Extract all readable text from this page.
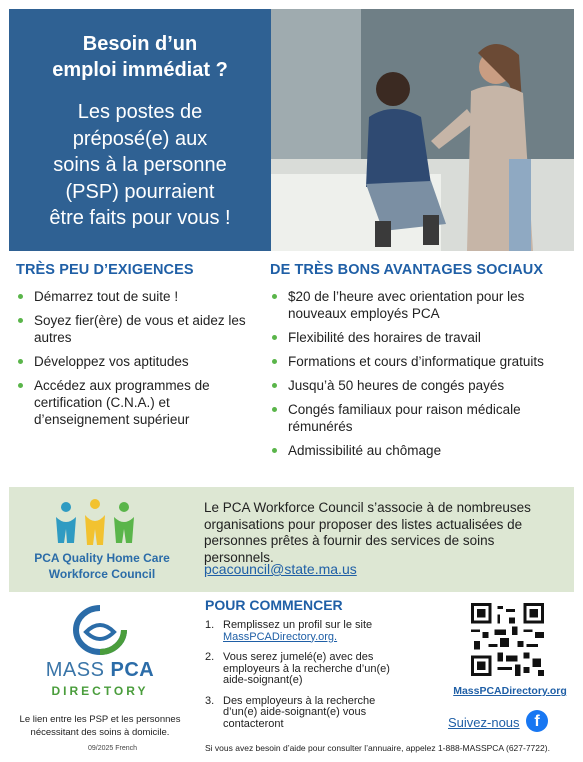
Besoin d’un
emploi immédiat ?
Les postes de
préposé(e) aux
soins à la personne
(PSP) pourraient
être faits pour vous !
TRÈS PEU D’EXIGENCES
Démarrez tout de suite !
Soyez fier(ère) de vous et aidez les autres
Développez vos aptitudes
Accédez aux programmes de certification (C.N.A.) et d’enseignement supérieur
DE TRÈS BONS AVANTAGES SOCIAUX
$20 de l’heure avec orientation pour les nouveaux employés PCA
Flexibilité des horaires de travail
Formations et cours d’informatique gratuits
Jusqu’à 50 heures de congés payés
Congés familiaux pour raison médicale rémunérés
Admissibilité au chômage
PCA Quality Home Care
Workforce Council
Le PCA Workforce Council s’associe à de nombreuses organisations pour proposer des listes actualisées de personnes prêtes à fournir des services de soins personnels.
pcacouncil@state.ma.us
MASS PCA
DIRECTORY
Le lien entre les PSP et les personnes
nécessitant des soins à domicile.
09/2025 French
POUR COMMENCER
1. Remplissez un profil sur le site MassPCADirectory.org.
2. Vous serez jumelé(e) avec des employeurs à la recherche d’un(e) aide-soignant(e)
3. Des employeurs à la recherche d’un(e) aide-soignant(e) vous contacteront
MassPCADirectory.org
Suivez-nous f
Si vous avez besoin d’aide pour consulter l’annuaire, appelez 1-888-MASSPCA (627-7722).
